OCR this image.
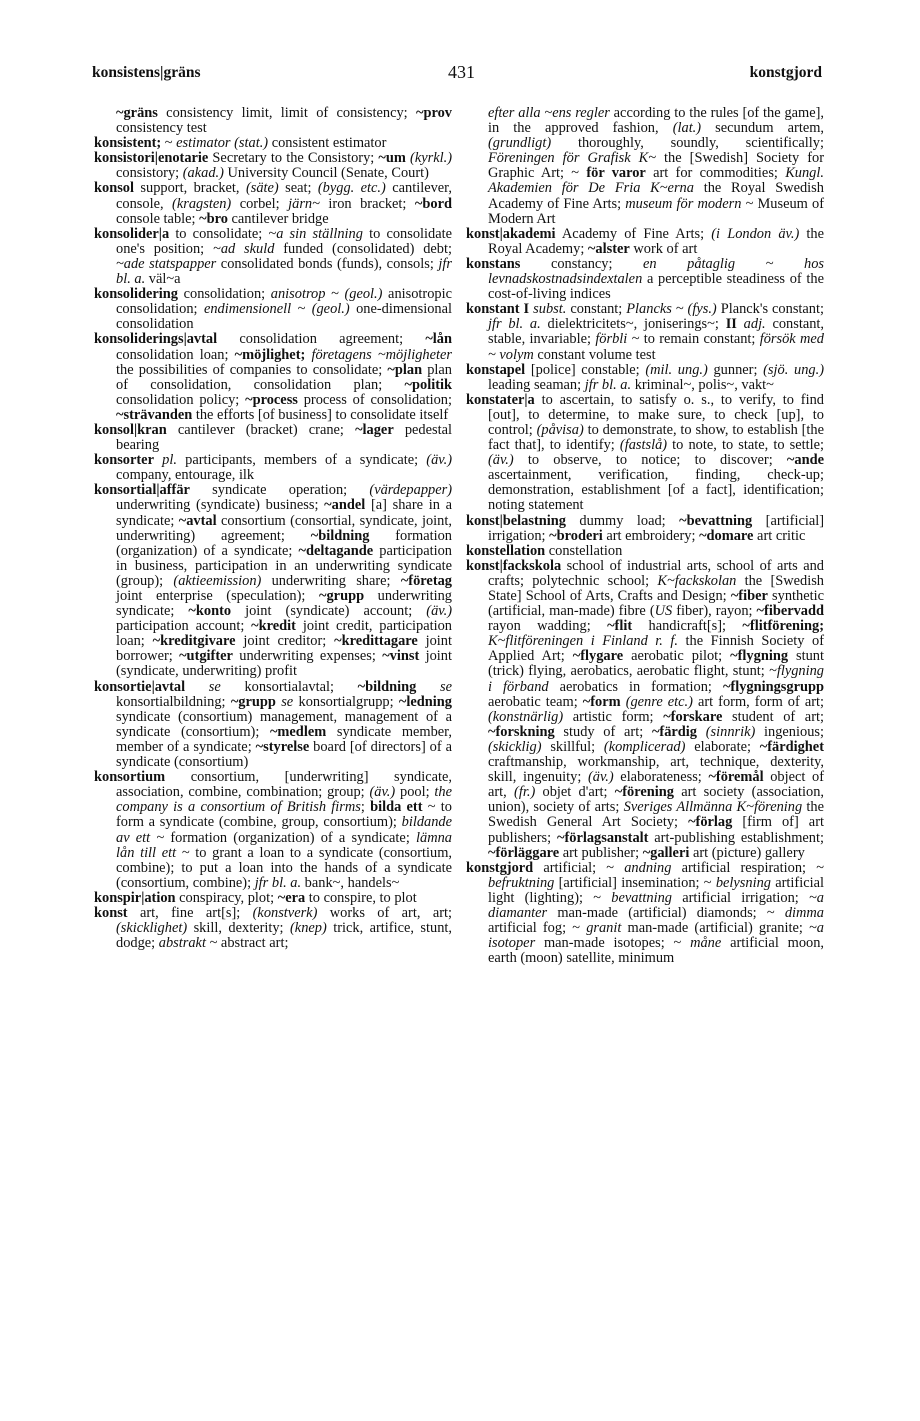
konsistens|gräns	431	konstgjord

~gräns consistency limit, limit of consistency; ~prov consistency test

konsistent; ~ estimator (stat.) consistent estimator

konsistori|enotarie Secretary to the Consistory; ~um (kyrkl.) consistory; (akad.) University Council (Senate, Court)

konsol support, bracket, (säte) seat; (bygg. etc.) cantilever, console, (kragsten) corbel; järn~ iron bracket; ~bord console table; ~bro cantilever bridge

konsolider|a to consolidate; ~a sin ställning to consolidate one's position; ~ad skuld funded (consolidated) debt; ~ade statspapper consolidated bonds (funds), consols; jfr bl. a. väl~a

konsolidering consolidation; anisotrop ~ (geol.) anisotropic consolidation; endimensionell ~ (geol.) one-dimensional consolidation

konsoliderings|avtal consolidation agreement; ~lån consolidation loan; ~möjlighet; företagens ~möjligheter the possibilities of companies to consolidate; ~plan plan of consolidation, consolidation plan; ~politik consolidation policy; ~process process of consolidation; ~strävanden the efforts [of business] to consolidate itself

konsol|kran cantilever (bracket) crane; ~lager pedestal bearing

konsorter pl. participants, members of a syndicate; (äv.) company, entourage, ilk

konsortial|affär syndicate operation; (värdepapper) underwriting (syndicate) business; ~andel [a] share in a syndicate; ~avtal consortium (consortial, syndicate, joint, underwriting) agreement; ~bildning formation (organization) of a syndicate; ~deltagande participation in business, participation in an underwriting syndicate (group); (aktieemission) underwriting share; ~företag joint enterprise (speculation); ~grupp underwriting syndicate; ~konto joint (syndicate) account; (äv.) participation account; ~kredit joint credit, participation loan; ~kreditgivare joint creditor; ~kredittagare joint borrower; ~utgifter underwriting expenses; ~vinst joint (syndicate, underwriting) profit

konsortie|avtal se konsortialavtal; ~bildning se konsortialbildning; ~grupp se konsortialgrupp; ~ledning syndicate (consortium) management, management of a syndicate (consortium); ~medlem syndicate member, member of a syndicate; ~styrelse board [of directors] of a syndicate (consortium)

konsortium consortium, [underwriting] syndicate, association, combine, combination; group; (äv.) pool; the company is a consortium of British firms; bilda ett ~ to form a syndicate (combine, group, consortium); bildande av ett ~ formation (organization) of a syndicate; lämna lån till ett ~ to grant a loan to a syndicate (consortium, combine); to put a loan into the hands of a syndicate (consortium, combine); jfr bl. a. bank~, handels~

konspir|ation conspiracy, plot; ~era to conspire, to plot

konst art, fine art[s]; (konstverk) works of art, art; (skicklighet) skill, dexterity; (knep) trick, artifice, stunt, dodge; abstrakt ~ abstract art;

efter alla ~ens regler according to the rules [of the game], in the approved fashion, (lat.) secundum artem, (grundligt) thoroughly, soundly, scientifically; Föreningen för Grafisk K~ the [Swedish] Society for Graphic Art; ~ för varor art for commodities; Kungl. Akademien för De Fria K~erna the Royal Swedish Academy of Fine Arts; museum för modern ~ Museum of Modern Art

konst|akademi Academy of Fine Arts; (i London äv.) the Royal Academy; ~alster work of art

konstans constancy; en påtaglig ~ hos levnadskostnadsindextalen a perceptible steadiness of the cost-of-living indices

konstant I subst. constant; Plancks ~ (fys.) Planck's constant; jfr bl. a. dielektricitets~, joniserings~; II adj. constant, stable, invariable; förbli ~ to remain constant; försök med ~ volym constant volume test

konstapel [police] constable; (mil. ung.) gunner; (sjö. ung.) leading seaman; jfr bl. a. kriminal~, polis~, vakt~

konstater|a to ascertain, to satisfy o. s., to verify, to find [out], to determine, to make sure, to check [up], to control; (påvisa) to demonstrate, to show, to establish [the fact that], to identify; (fastslå) to note, to state, to settle; (äv.) to observe, to notice; to discover; ~ande ascertainment, verification, finding, check-up; demonstration, establishment [of a fact], identification; noting statement

konst|belastning dummy load; ~bevattning [artificial] irrigation; ~broderi art embroidery; ~domare art critic

konstellation constellation

konst|fackskola school of industrial arts, school of arts and crafts; polytechnic school; K~fackskolan the [Swedish State] School of Arts, Crafts and Design; ~fiber synthetic (artificial, man-made) fibre (US fiber), rayon; ~fibervadd rayon wadding; ~flit handicraft[s]; ~flitförening; K~flitföreningen i Finland r. f. the Finnish Society of Applied Art; ~flygare aerobatic pilot; ~flygning stunt (trick) flying, aerobatics, aerobatic flight, stunt; ~flygning i förband aerobatics in formation; ~flygningsgrupp aerobatic team; ~form (genre etc.) art form, form of art; (konstnärlig) artistic form; ~forskare student of art; ~forskning study of art; ~färdig (sinnrik) ingenious; (skicklig) skillful; (komplicerad) elaborate; ~färdighet craftmanship, workmanship, art, technique, dexterity, skill, ingenuity; (äv.) elaborateness; ~föremål object of art, (fr.) objet d'art; ~förening art society (association, union), society of arts; Sveriges Allmänna K~förening the Swedish General Art Society; ~förlag [firm of] art publishers; ~förlagsanstalt art-publishing establishment; ~förläggare art publisher; ~galleri art (picture) gallery

konstgjord artificial; ~ andning artificial respiration; ~ befruktning [artificial] insemination; ~ belysning artificial light (lighting); ~ bevattning artificial irrigation; ~a diamanter man-made (artificial) diamonds; ~ dimma artificial fog; ~ granit man-made (artificial) granite; ~a isotoper man-made isotopes; ~ måne artificial moon, earth (moon) satellite, minimum
